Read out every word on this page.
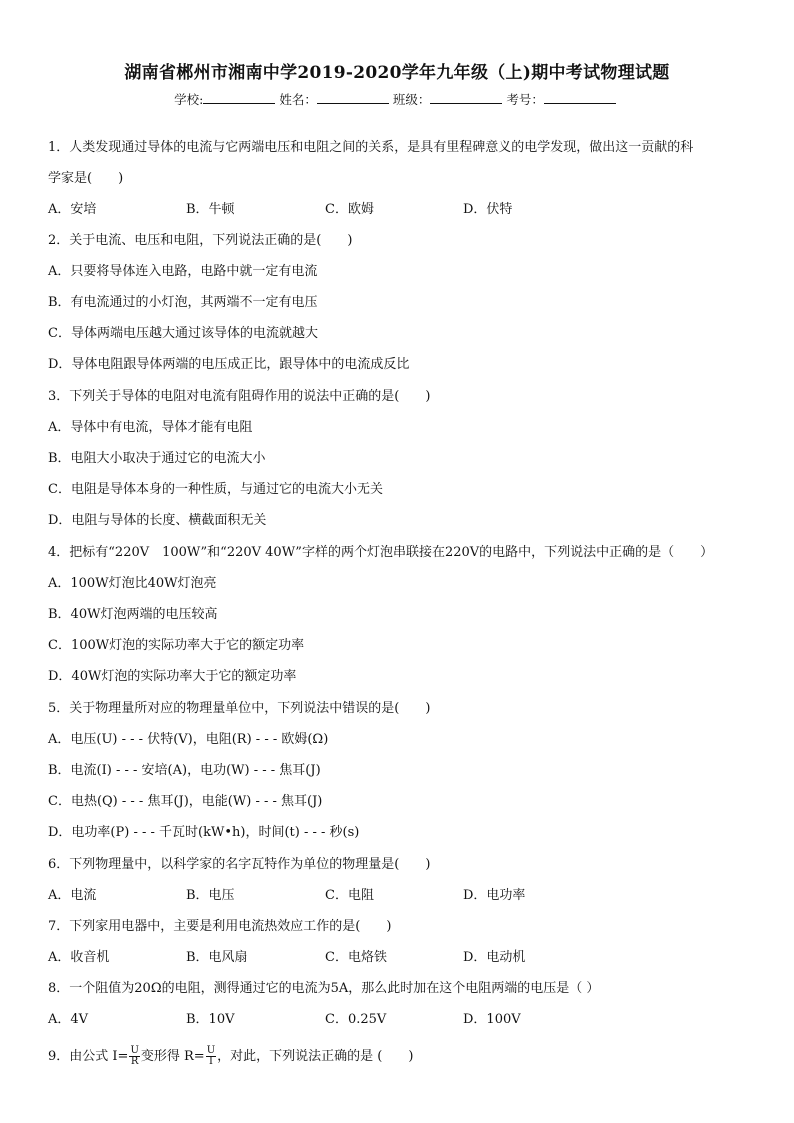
湖南省郴州市湘南中学2019-2020学年九年级（上)期中考试物理试题
学校:	姓名：	班级：	考号：
1．人类发现通过导体的电流与它两端电压和电阻之间的关系，是具有里程碑意义的电学发现，做出这一贡献的科
学家是(　　)
A．安培	B．牛顿	C．欧姆	D．伏特
2．关于电流、电压和电阻，下列说法正确的是(　　)
A．只要将导体连入电路，电路中就一定有电流
B．有电流通过的小灯泡，其两端不一定有电压
C．导体两端电压越大通过该导体的电流就越大
D．导体电阻跟导体两端的电压成正比，跟导体中的电流成反比
3．下列关于导体的电阻对电流有阻碍作用的说法中正确的是(　　)
A．导体中有电流，导体才能有电阻
B．电阻大小取决于通过它的电流大小
C．电阻是导体本身的一种性质，与通过它的电流大小无关
D．电阻与导体的长度、横截面积无关
4．把标有“220V　100W”和“220V 40W”字样的两个灯泡串联接在220V的电路中，下列说法中正确的是（　　）
A．100W灯泡比40W灯泡亮
B．40W灯泡两端的电压较高
C．100W灯泡的实际功率大于它的额定功率
D．40W灯泡的实际功率大于它的额定功率
5．关于物理量所对应的物理量单位中，下列说法中错误的是(　　)
A．电压(U) - - - 伏特(V)，电阻(R) - - - 欧姆(Ω)
B．电流(I) - - - 安培(A)，电功(W) - - - 焦耳(J)
C．电热(Q) - - - 焦耳(J)，电能(W) - - - 焦耳(J)
D．电功率(P) - - - 千瓦时(kW•h)，时间(t) - - - 秒(s)
6．下列物理量中，以科学家的名字瓦特作为单位的物理量是(　　)
A．电流	B．电压	C．电阻	D．电功率
7．下列家用电器中，主要是利用电流热效应工作的是(　　)
A．收音机	B．电风扇	C．电烙铁	D．电动机
8．一个阻值为20Ω的电阻，测得通过它的电流为5A，那么此时加在这个电阻两端的电压是（ ）
A．4V	B．10V	C．0.25V	D．100V
9．由公式 $I= \frac{U}{R}$ 变形得 $R= \frac{U}{I}$ ，对此，下列说法正确的是 (　　)
